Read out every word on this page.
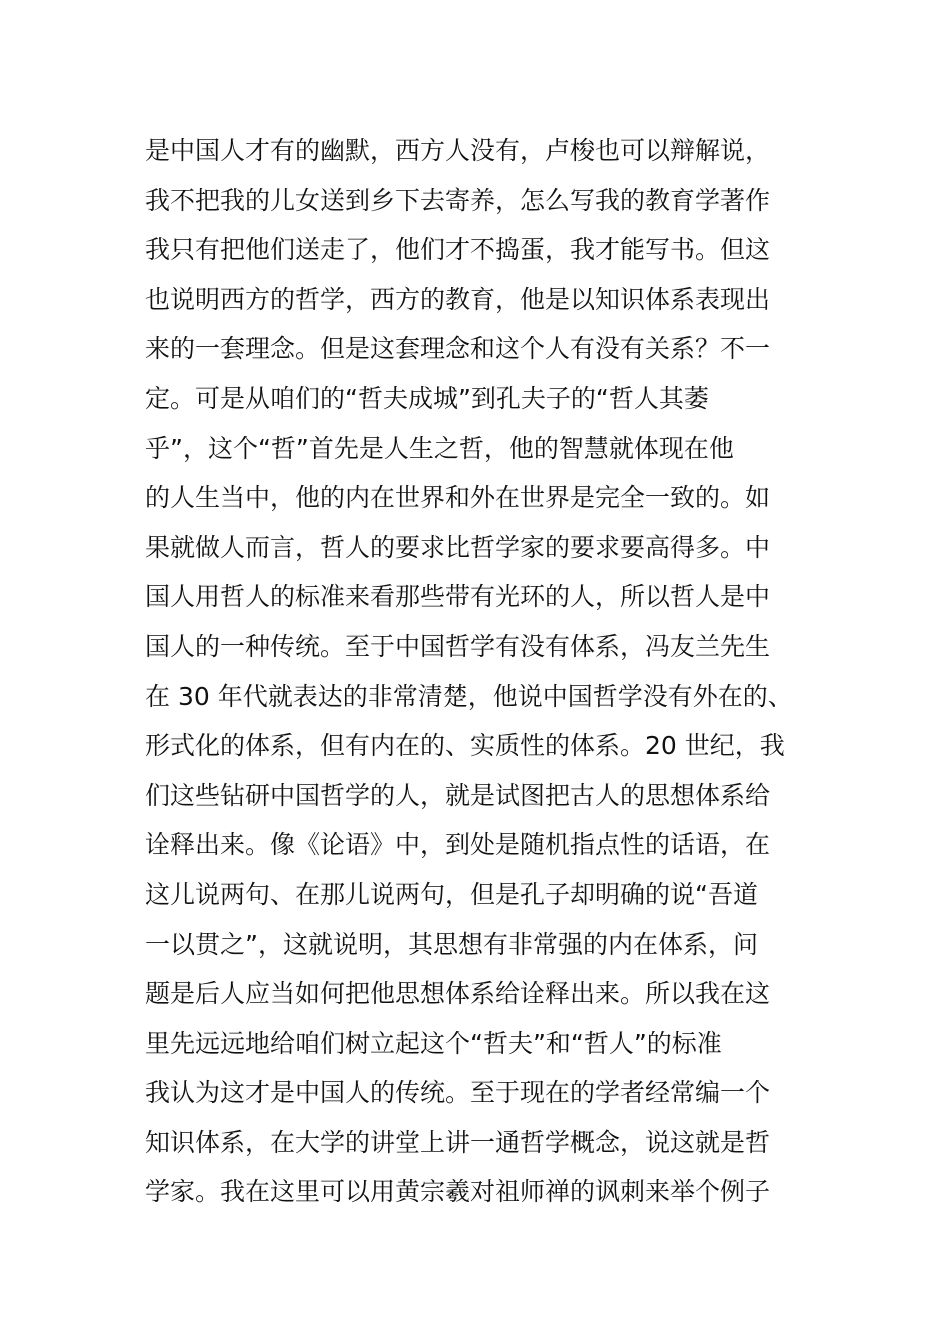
是中国人才有的幽默，西方人没有，卢梭也可以辩解说，
我不把我的儿女送到乡下去寄养，怎么写我的教育学著作
我只有把他们送走了，他们才不捣蛋，我才能写书。但这
也说明西方的哲学，西方的教育，他是以知识体系表现出
来的一套理念。但是这套理念和这个人有没有关系？不一
定。可是从咱们的“哲夫成城”到孔夫子的“哲人其萎
乎”，这个“哲”首先是人生之哲，他的智慧就体现在他
的人生当中，他的内在世界和外在世界是完全一致的。如
果就做人而言，哲人的要求比哲学家的要求要高得多。中
国人用哲人的标准来看那些带有光环的人，所以哲人是中
国人的一种传统。至于中国哲学有没有体系，冯友兰先生
在 30 年代就表达的非常清楚，他说中国哲学没有外在的、
形式化的体系，但有内在的、实质性的体系。20 世纪，我
们这些钻研中国哲学的人，就是试图把古人的思想体系给
诠释出来。像《论语》中，到处是随机指点性的话语，在
这儿说两句、在那儿说两句，但是孔子却明确的说“吾道
一以贯之”，这就说明，其思想有非常强的内在体系，问
题是后人应当如何把他思想体系给诠释出来。所以我在这
里先远远地给咱们树立起这个“哲夫”和“哲人”的标准
我认为这才是中国人的传统。至于现在的学者经常编一个
知识体系，在大学的讲堂上讲一通哲学概念，说这就是哲
学家。我在这里可以用黄宗羲对祖师禅的讽刺来举个例子
